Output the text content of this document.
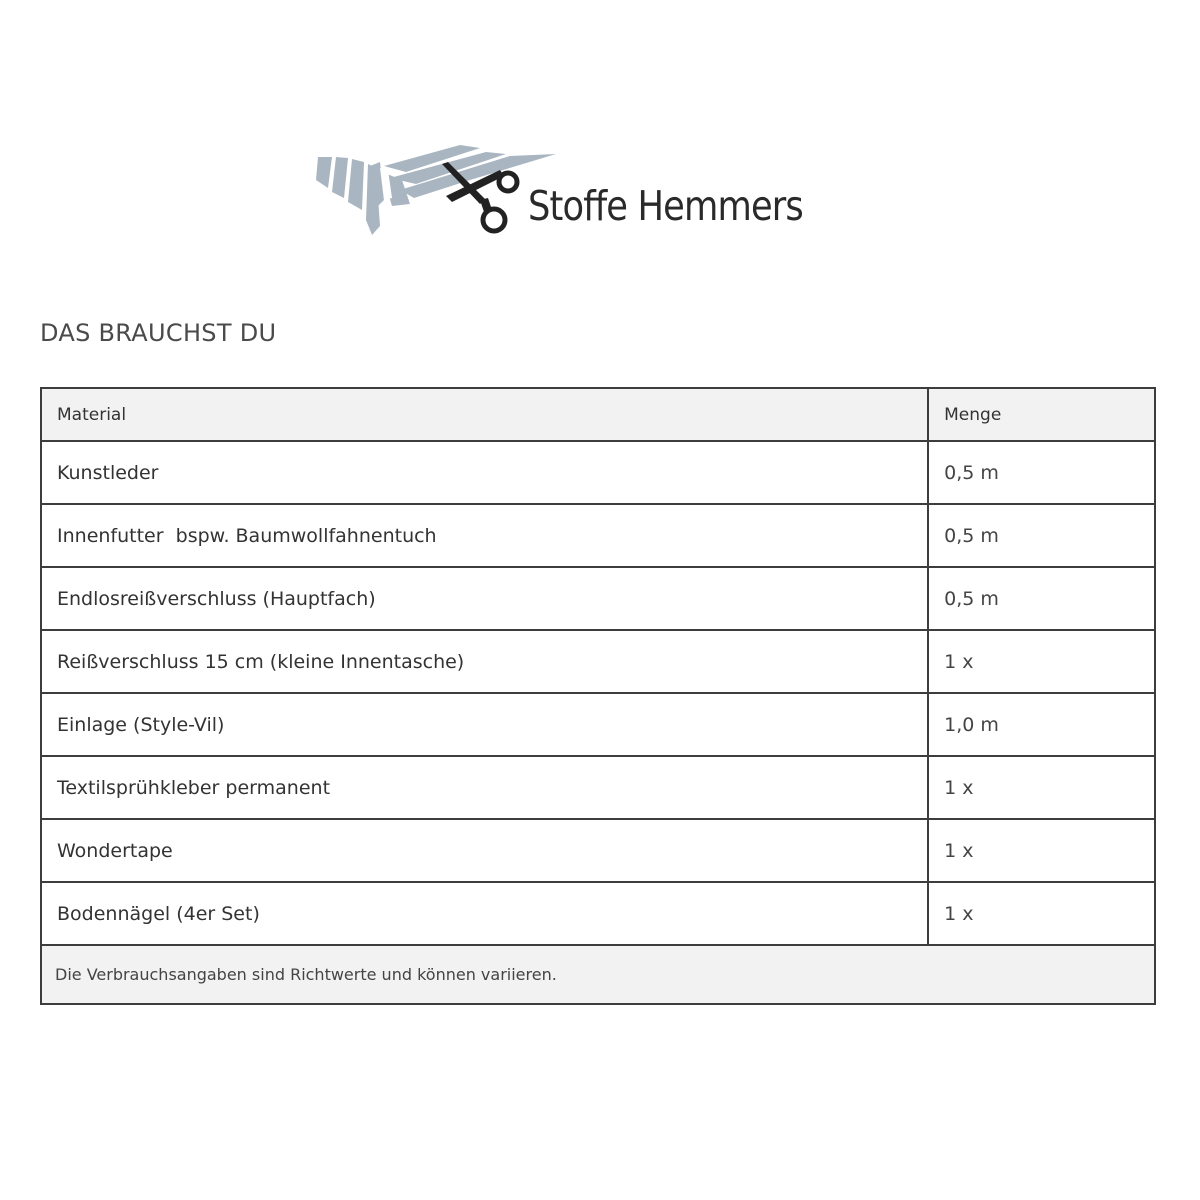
Stoffe Hemmers
DAS BRAUCHST DU
Material	Menge
Kunstleder	0,5 m
Innenfutter  bspw. Baumwollfahnentuch	0,5 m
Endlosreißverschluss (Hauptfach)	0,5 m
Reißverschluss 15 cm (kleine Innentasche)	1 x
Einlage (Style-Vil)	1,0 m
Textilsprühkleber permanent	1 x
Wondertape	1 x
Bodennägel (4er Set)	1 x
Die Verbrauchsangaben sind Richtwerte und können variieren.	
